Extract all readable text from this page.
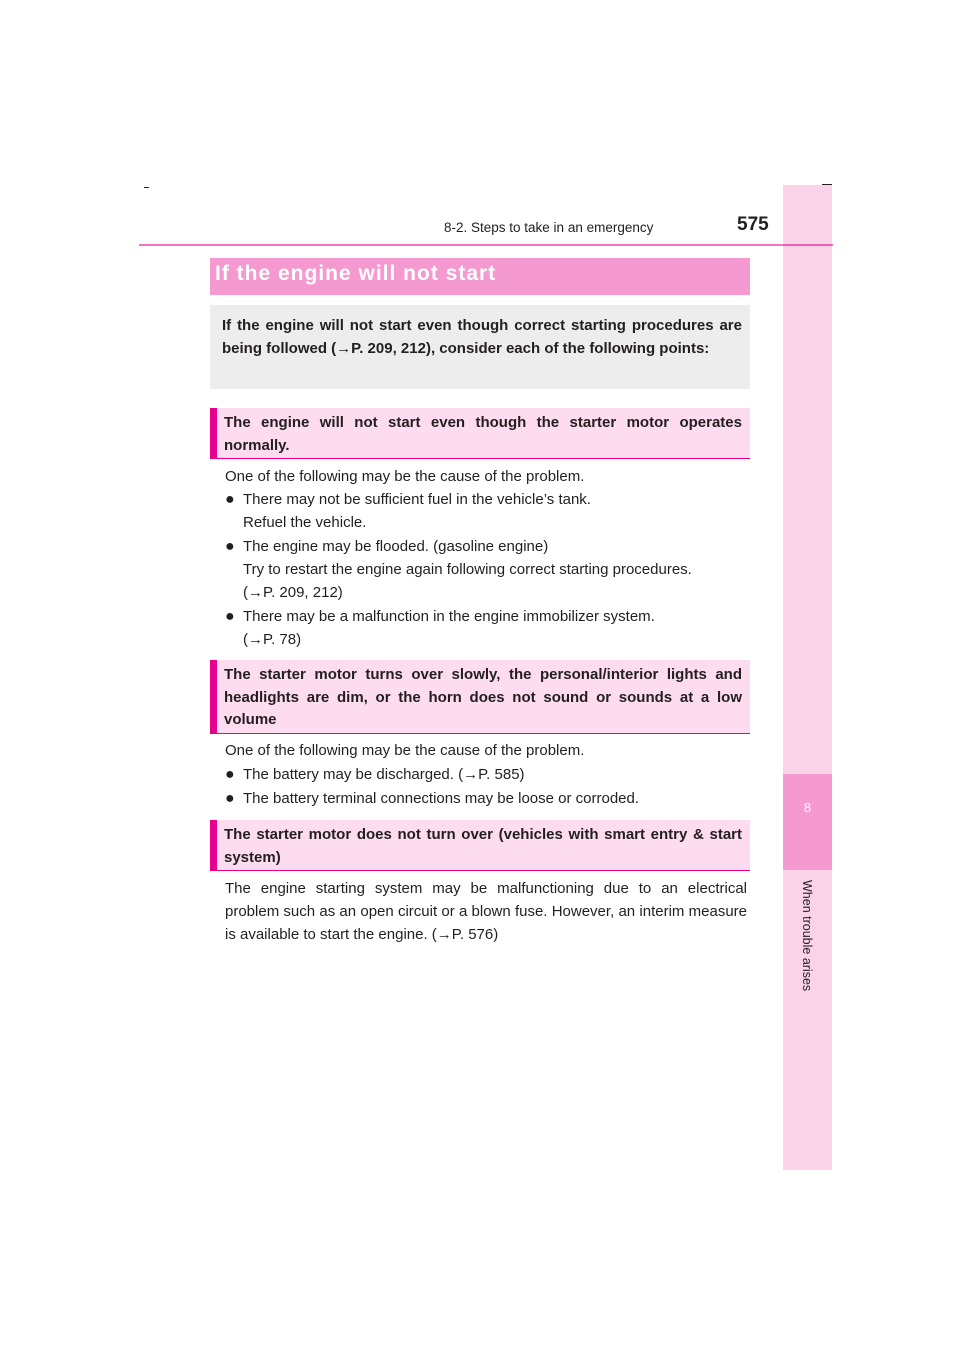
8
When trouble arises
8-2. Steps to take in an emergency	575
If the engine will not start
If the engine will not start even though correct starting procedures are being followed (→P. 209, 212), consider each of the following points:
The engine will not start even though the starter motor operates normally.
One of the following may be the cause of the problem.
● There may not be sufficient fuel in the vehicle’s tank.
Refuel the vehicle.
● The engine may be flooded. (gasoline engine)
Try to restart the engine again following correct starting procedures.
(→P. 209, 212)
● There may be a malfunction in the engine immobilizer system.
(→P. 78)
The starter motor turns over slowly, the personal/interior lights and headlights are dim, or the horn does not sound or sounds at a low volume
One of the following may be the cause of the problem.
● The battery may be discharged. (→P. 585)
● The battery terminal connections may be loose or corroded.
The starter motor does not turn over (vehicles with smart entry & start system)
The engine starting system may be malfunctioning due to an electrical problem such as an open circuit or a blown fuse. However, an interim measure is available to start the engine. (→P. 576)
